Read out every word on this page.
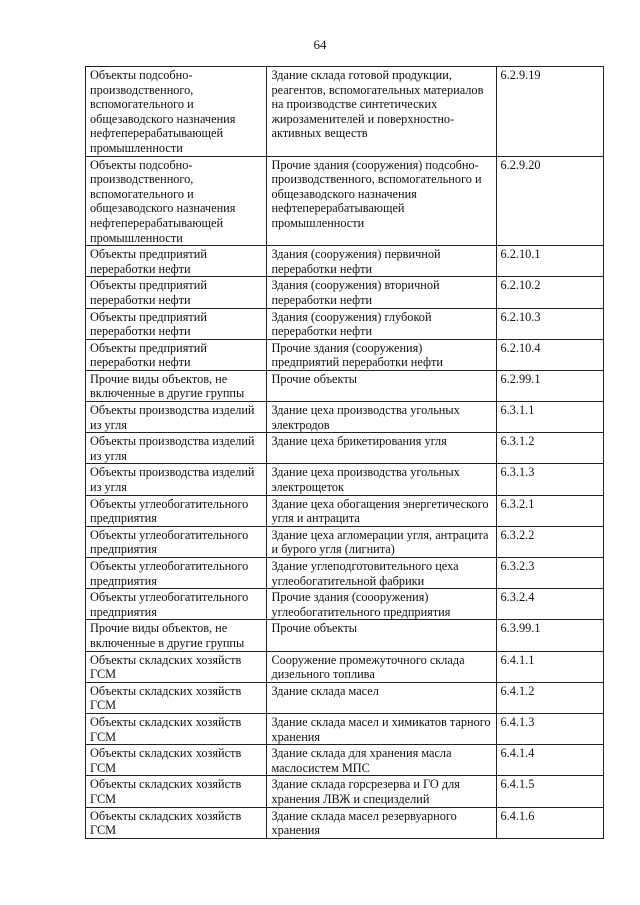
64
Объекты подсобно-производственного, вспомогательного и общезаводского назначения нефтеперерабатывающей промышленности	Здание склада готовой продукции, реагентов, вспомогательных материалов на производстве синтетических жирозаменителей и поверхностно-активных веществ	6.2.9.19
Объекты подсобно-производственного, вспомогательного и общезаводского назначения нефтеперерабатывающей промышленности	Прочие здания (сооружения) подсобно-производственного, вспомогательного и общезаводского назначения нефтеперерабатывающей промышленности	6.2.9.20
Объекты предприятий переработки нефти	Здания (сооружения) первичной переработки нефти	6.2.10.1
Объекты предприятий переработки нефти	Здания (сооружения) вторичной переработки нефти	6.2.10.2
Объекты предприятий переработки нефти	Здания (сооружения) глубокой переработки нефти	6.2.10.3
Объекты предприятий переработки нефти	Прочие здания (сооружения) предприятий переработки нефти	6.2.10.4
Прочие виды объектов, не включенные в другие группы	Прочие объекты	6.2.99.1
Объекты производства изделий из угля	Здание цеха производства угольных электродов	6.3.1.1
Объекты производства изделий из угля	Здание цеха брикетирования угля	6.3.1.2
Объекты производства изделий из угля	Здание цеха производства угольных электрощеток	6.3.1.3
Объекты углеобогатительного предприятия	Здание цеха обогащения энергетического угля и антрацита	6.3.2.1
Объекты углеобогатительного предприятия	Здание цеха агломерации угля, антрацита и бурого угля (лигнита)	6.3.2.2
Объекты углеобогатительного предприятия	Здание углеподготовительного цеха углеобогатительной фабрики	6.3.2.3
Объекты углеобогатительного предприятия	Прочие здания (соооружения) углеобогатительного предприятия	6.3.2.4
Прочие виды объектов, не включенные в другие группы	Прочие объекты	6.3.99.1
Объекты складских хозяйств ГСМ	Сооружение промежуточного склада дизельного топлива	6.4.1.1
Объекты складских хозяйств ГСМ	Здание склада масел	6.4.1.2
Объекты складских хозяйств ГСМ	Здание склада масел и химикатов тарного хранения	6.4.1.3
Объекты складских хозяйств ГСМ	Здание склада для хранения масла маслосистем МПС	6.4.1.4
Объекты складских хозяйств ГСМ	Здание склада горсрезерва и ГО для хранения ЛВЖ и специзделий	6.4.1.5
Объекты складских хозяйств ГСМ	Здание склада масел резервуарного хранения	6.4.1.6
